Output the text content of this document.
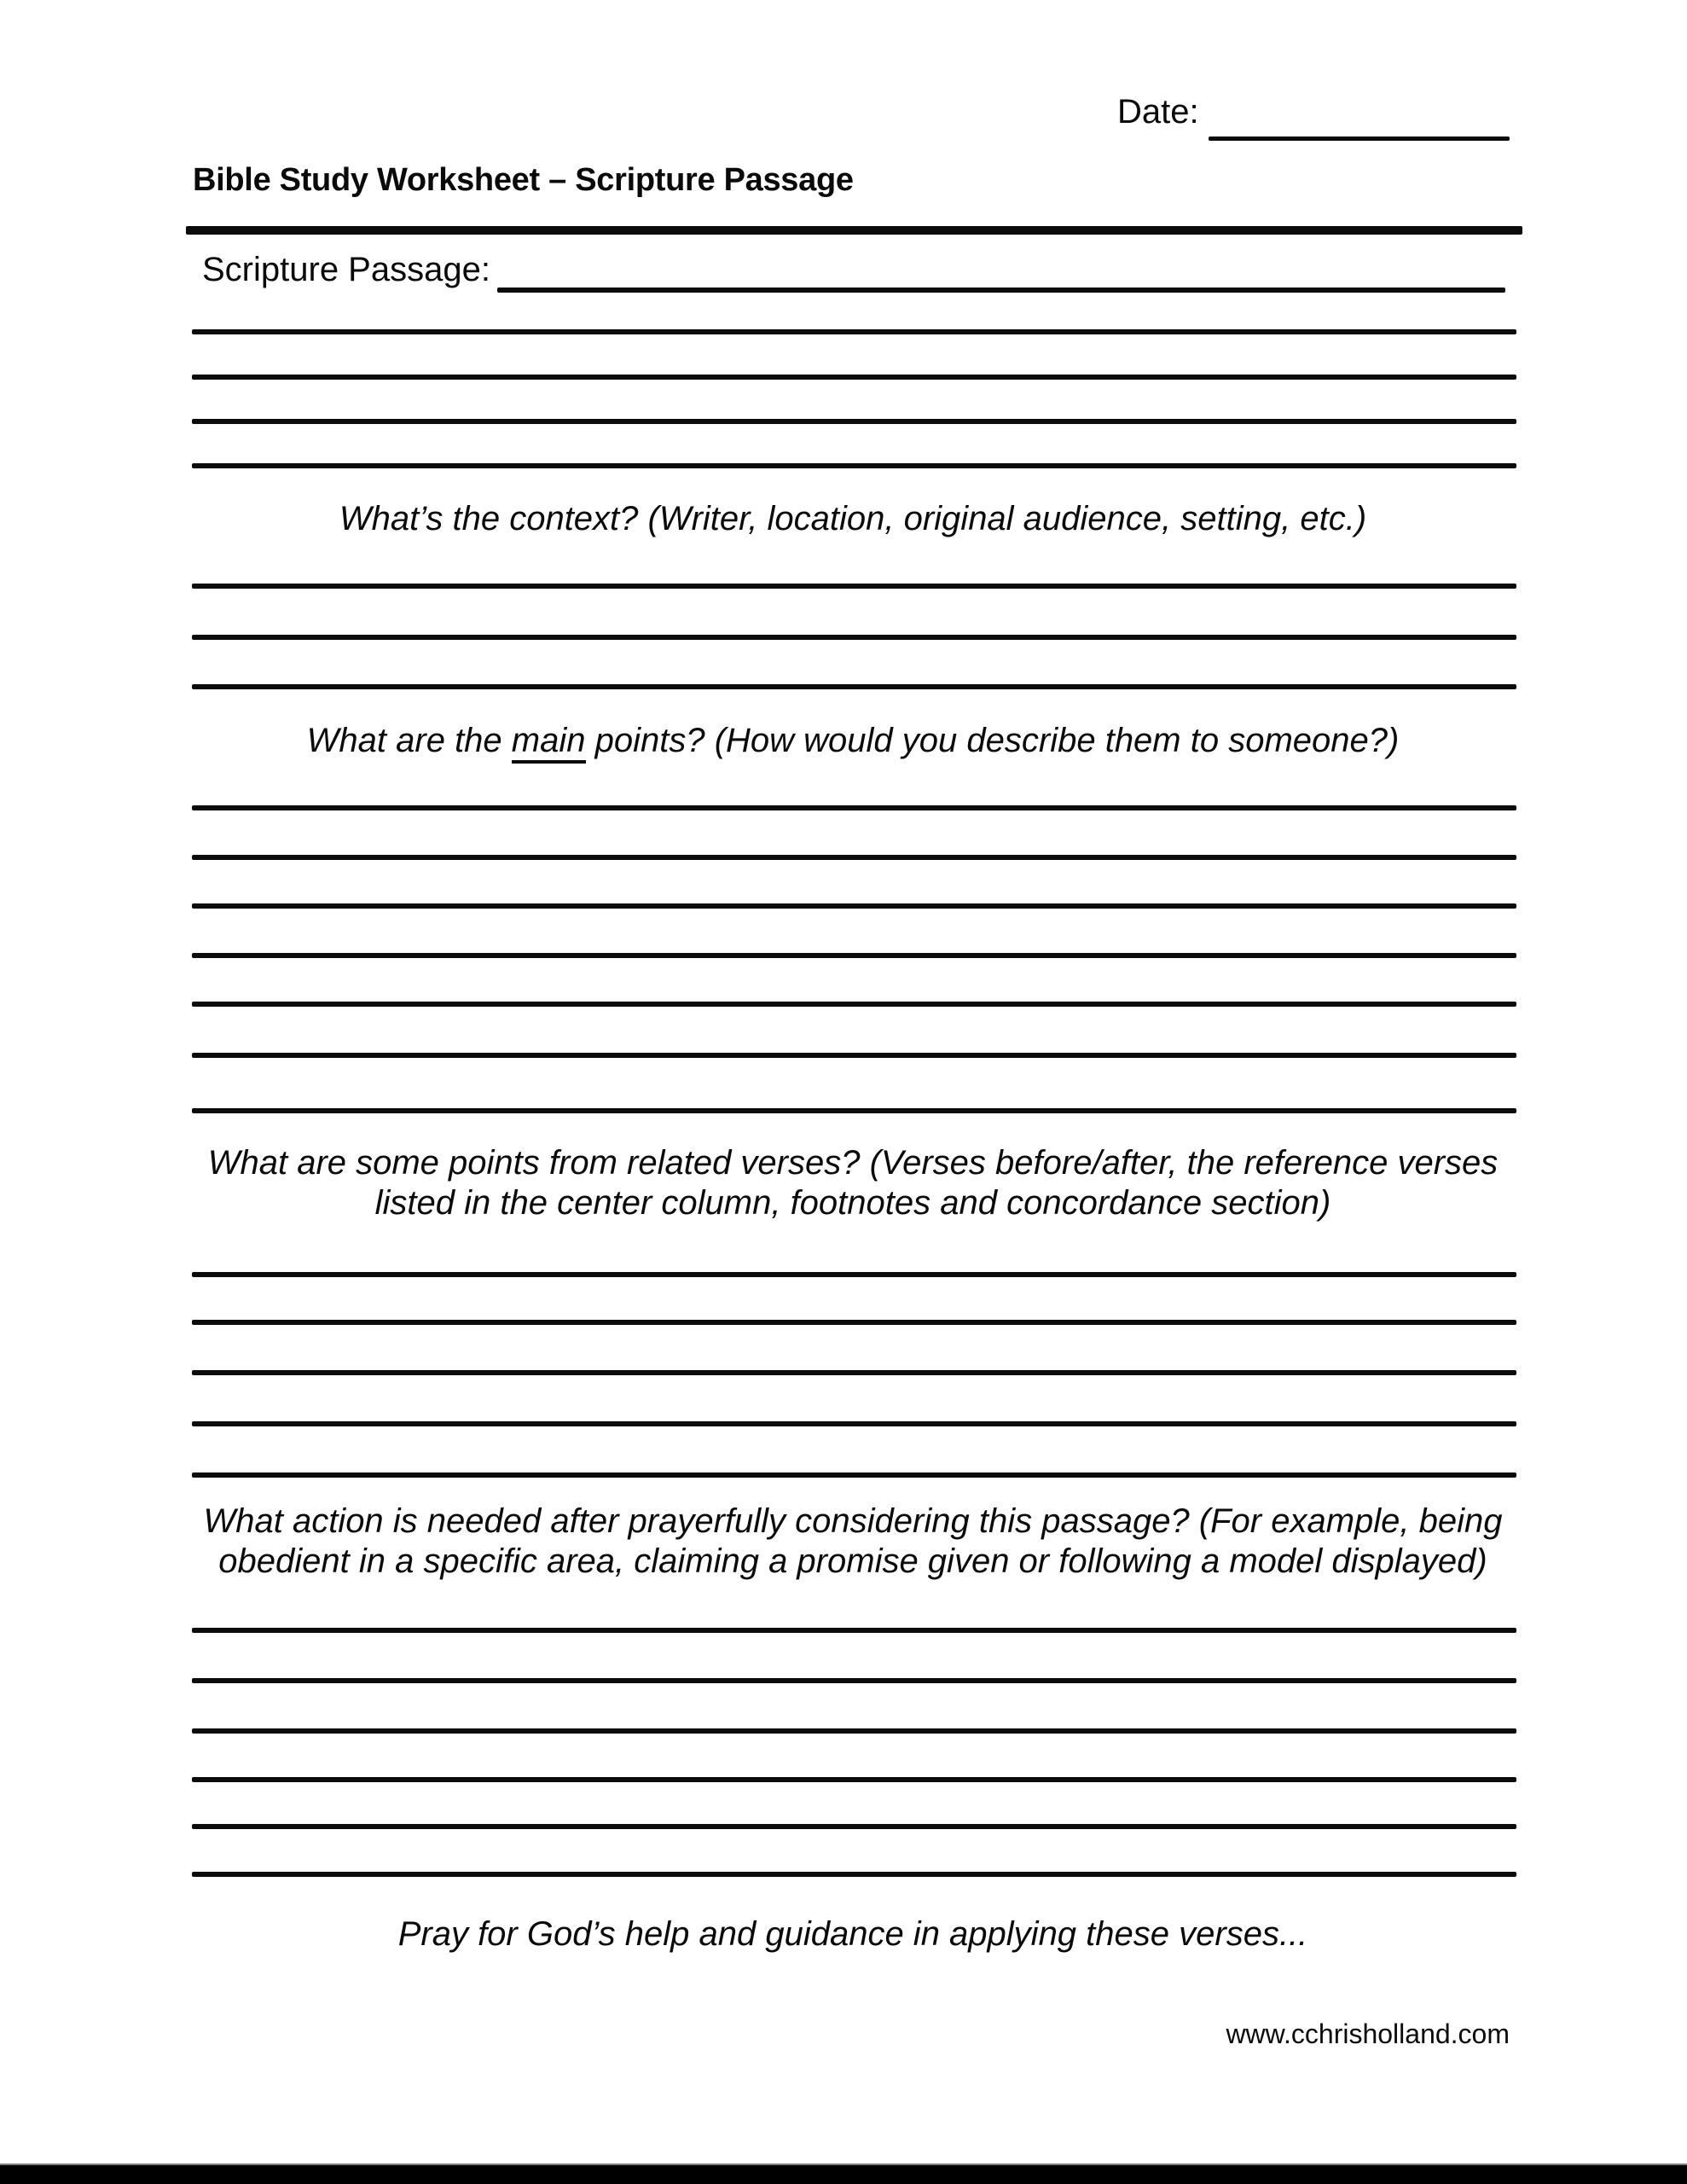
Date:
Bible Study Worksheet – Scripture Passage
Scripture Passage:
What’s the context? (Writer, location, original audience, setting, etc.)
What are the main points? (How would you describe them to someone?)
What are some points from related verses? (Verses before/after, the reference verses
listed in the center column, footnotes and concordance section)
What action is needed after prayerfully considering this passage? (For example, being
obedient in a specific area, claiming a promise given or following a model displayed)
Pray for God’s help and guidance in applying these verses...
www.cchrisholland.com
